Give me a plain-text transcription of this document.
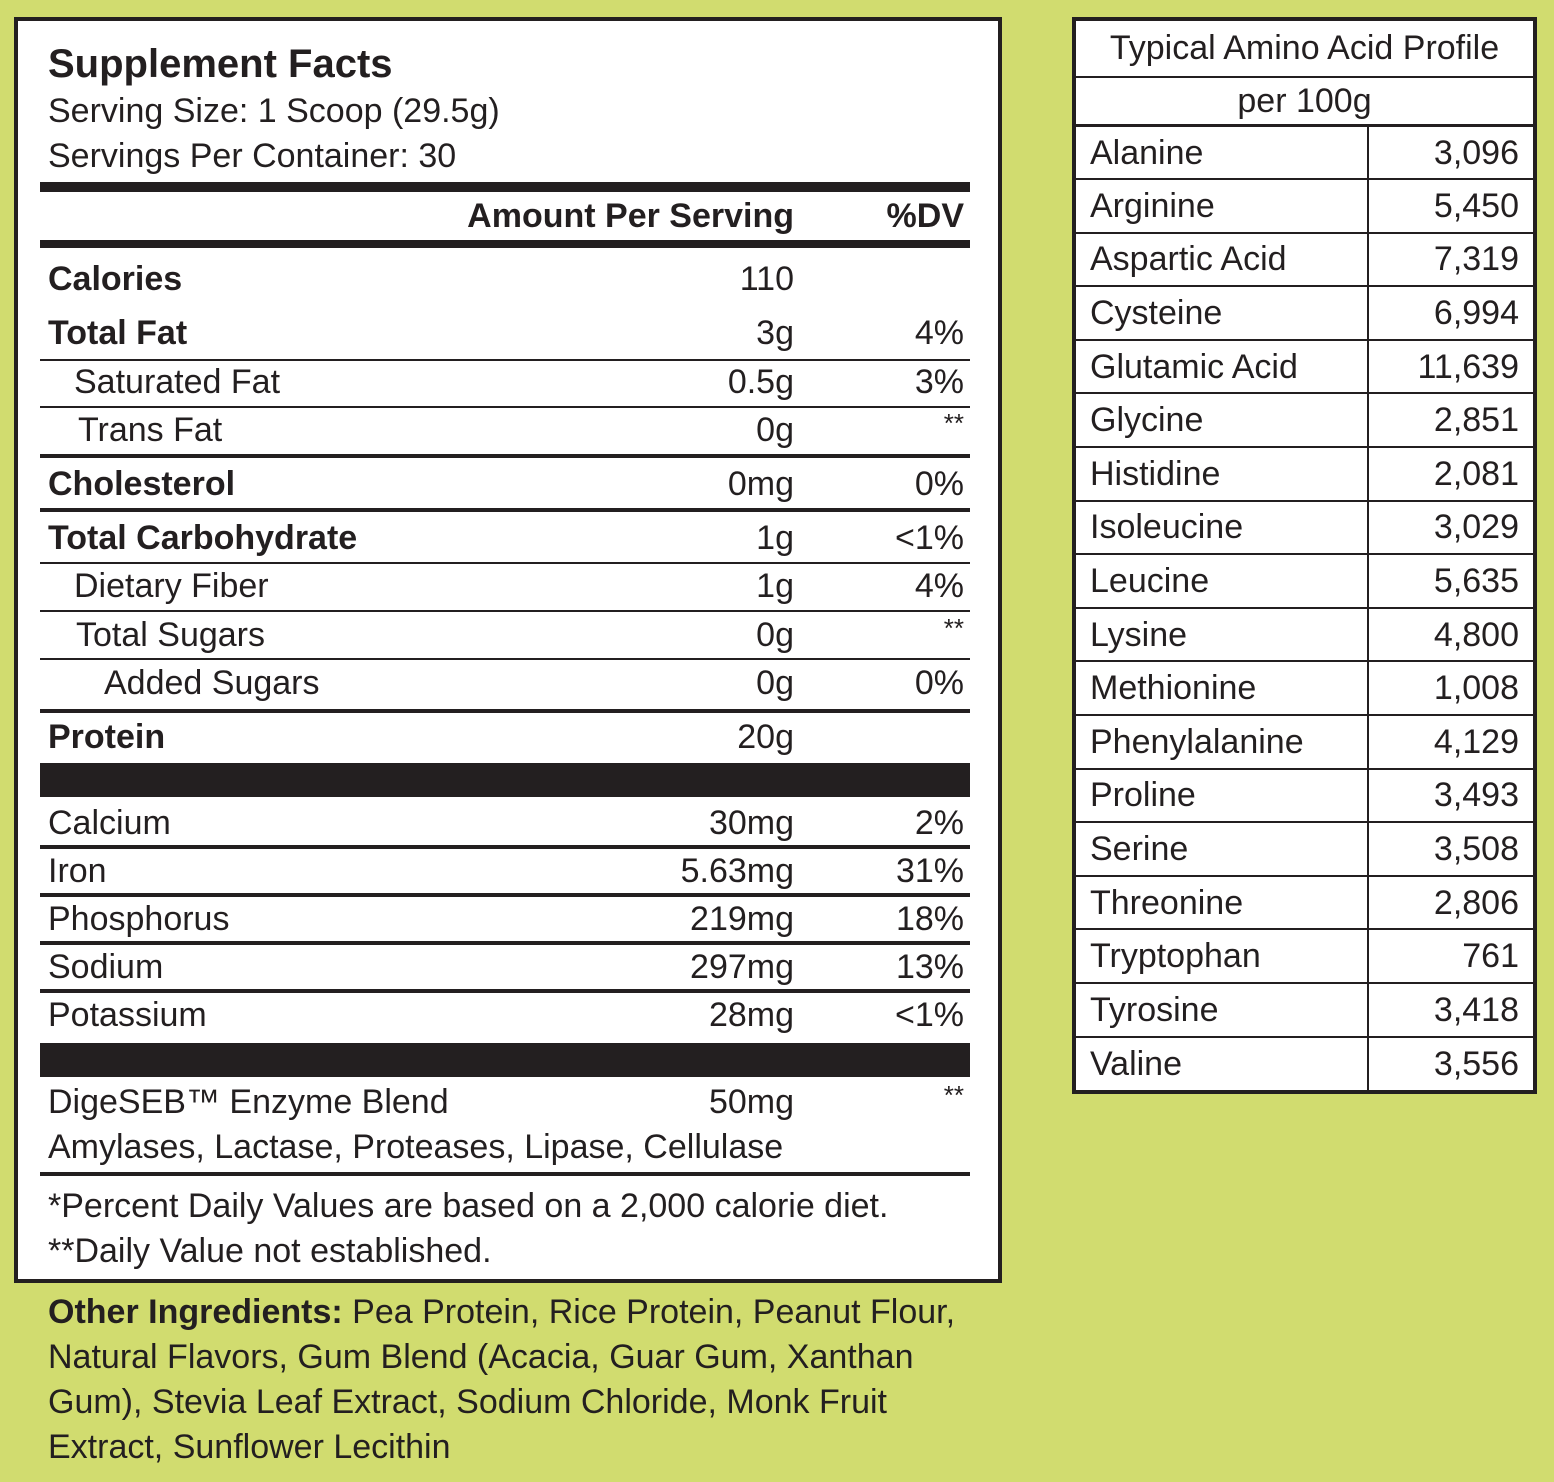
Supplement Facts
Serving Size: 1 Scoop (29.5g)
Servings Per Container: 30
Amount Per Serving	%DV
Calories	110
Total Fat	3g	4%
Saturated Fat	0.5g	3%
Trans Fat	0g	**
Cholesterol	0mg	0%
Total Carbohydrate	1g	<1%
Dietary Fiber	1g	4%
Total Sugars	0g	**
Added Sugars	0g	0%
Protein	20g
Calcium	30mg	2%
Iron	5.63mg	31%
Phosphorus	219mg	18%
Sodium	297mg	13%
Potassium	28mg	<1%
DigeSEB™ Enzyme Blend	50mg	**
Amylases, Lactase, Proteases, Lipase, Cellulase
*Percent Daily Values are based on a 2,000 calorie diet.
**Daily Value not established.
Typical Amino Acid Profile	
per 100g	
Alanine	3,096
Arginine	5,450
Aspartic Acid	7,319
Cysteine	6,994
Glutamic Acid	11,639
Glycine	2,851
Histidine	2,081
Isoleucine	3,029
Leucine	5,635
Lysine	4,800
Methionine	1,008
Phenylalanine	4,129
Proline	3,493
Serine	3,508
Threonine	2,806
Tryptophan	761
Tyrosine	3,418
Valine	3,556
Other Ingredients: Pea Protein, Rice Protein, Peanut Flour, Natural Flavors, Gum Blend (Acacia, Guar Gum, Xanthan Gum), Stevia Leaf Extract, Sodium Chloride, Monk Fruit Extract, Sunflower Lecithin
